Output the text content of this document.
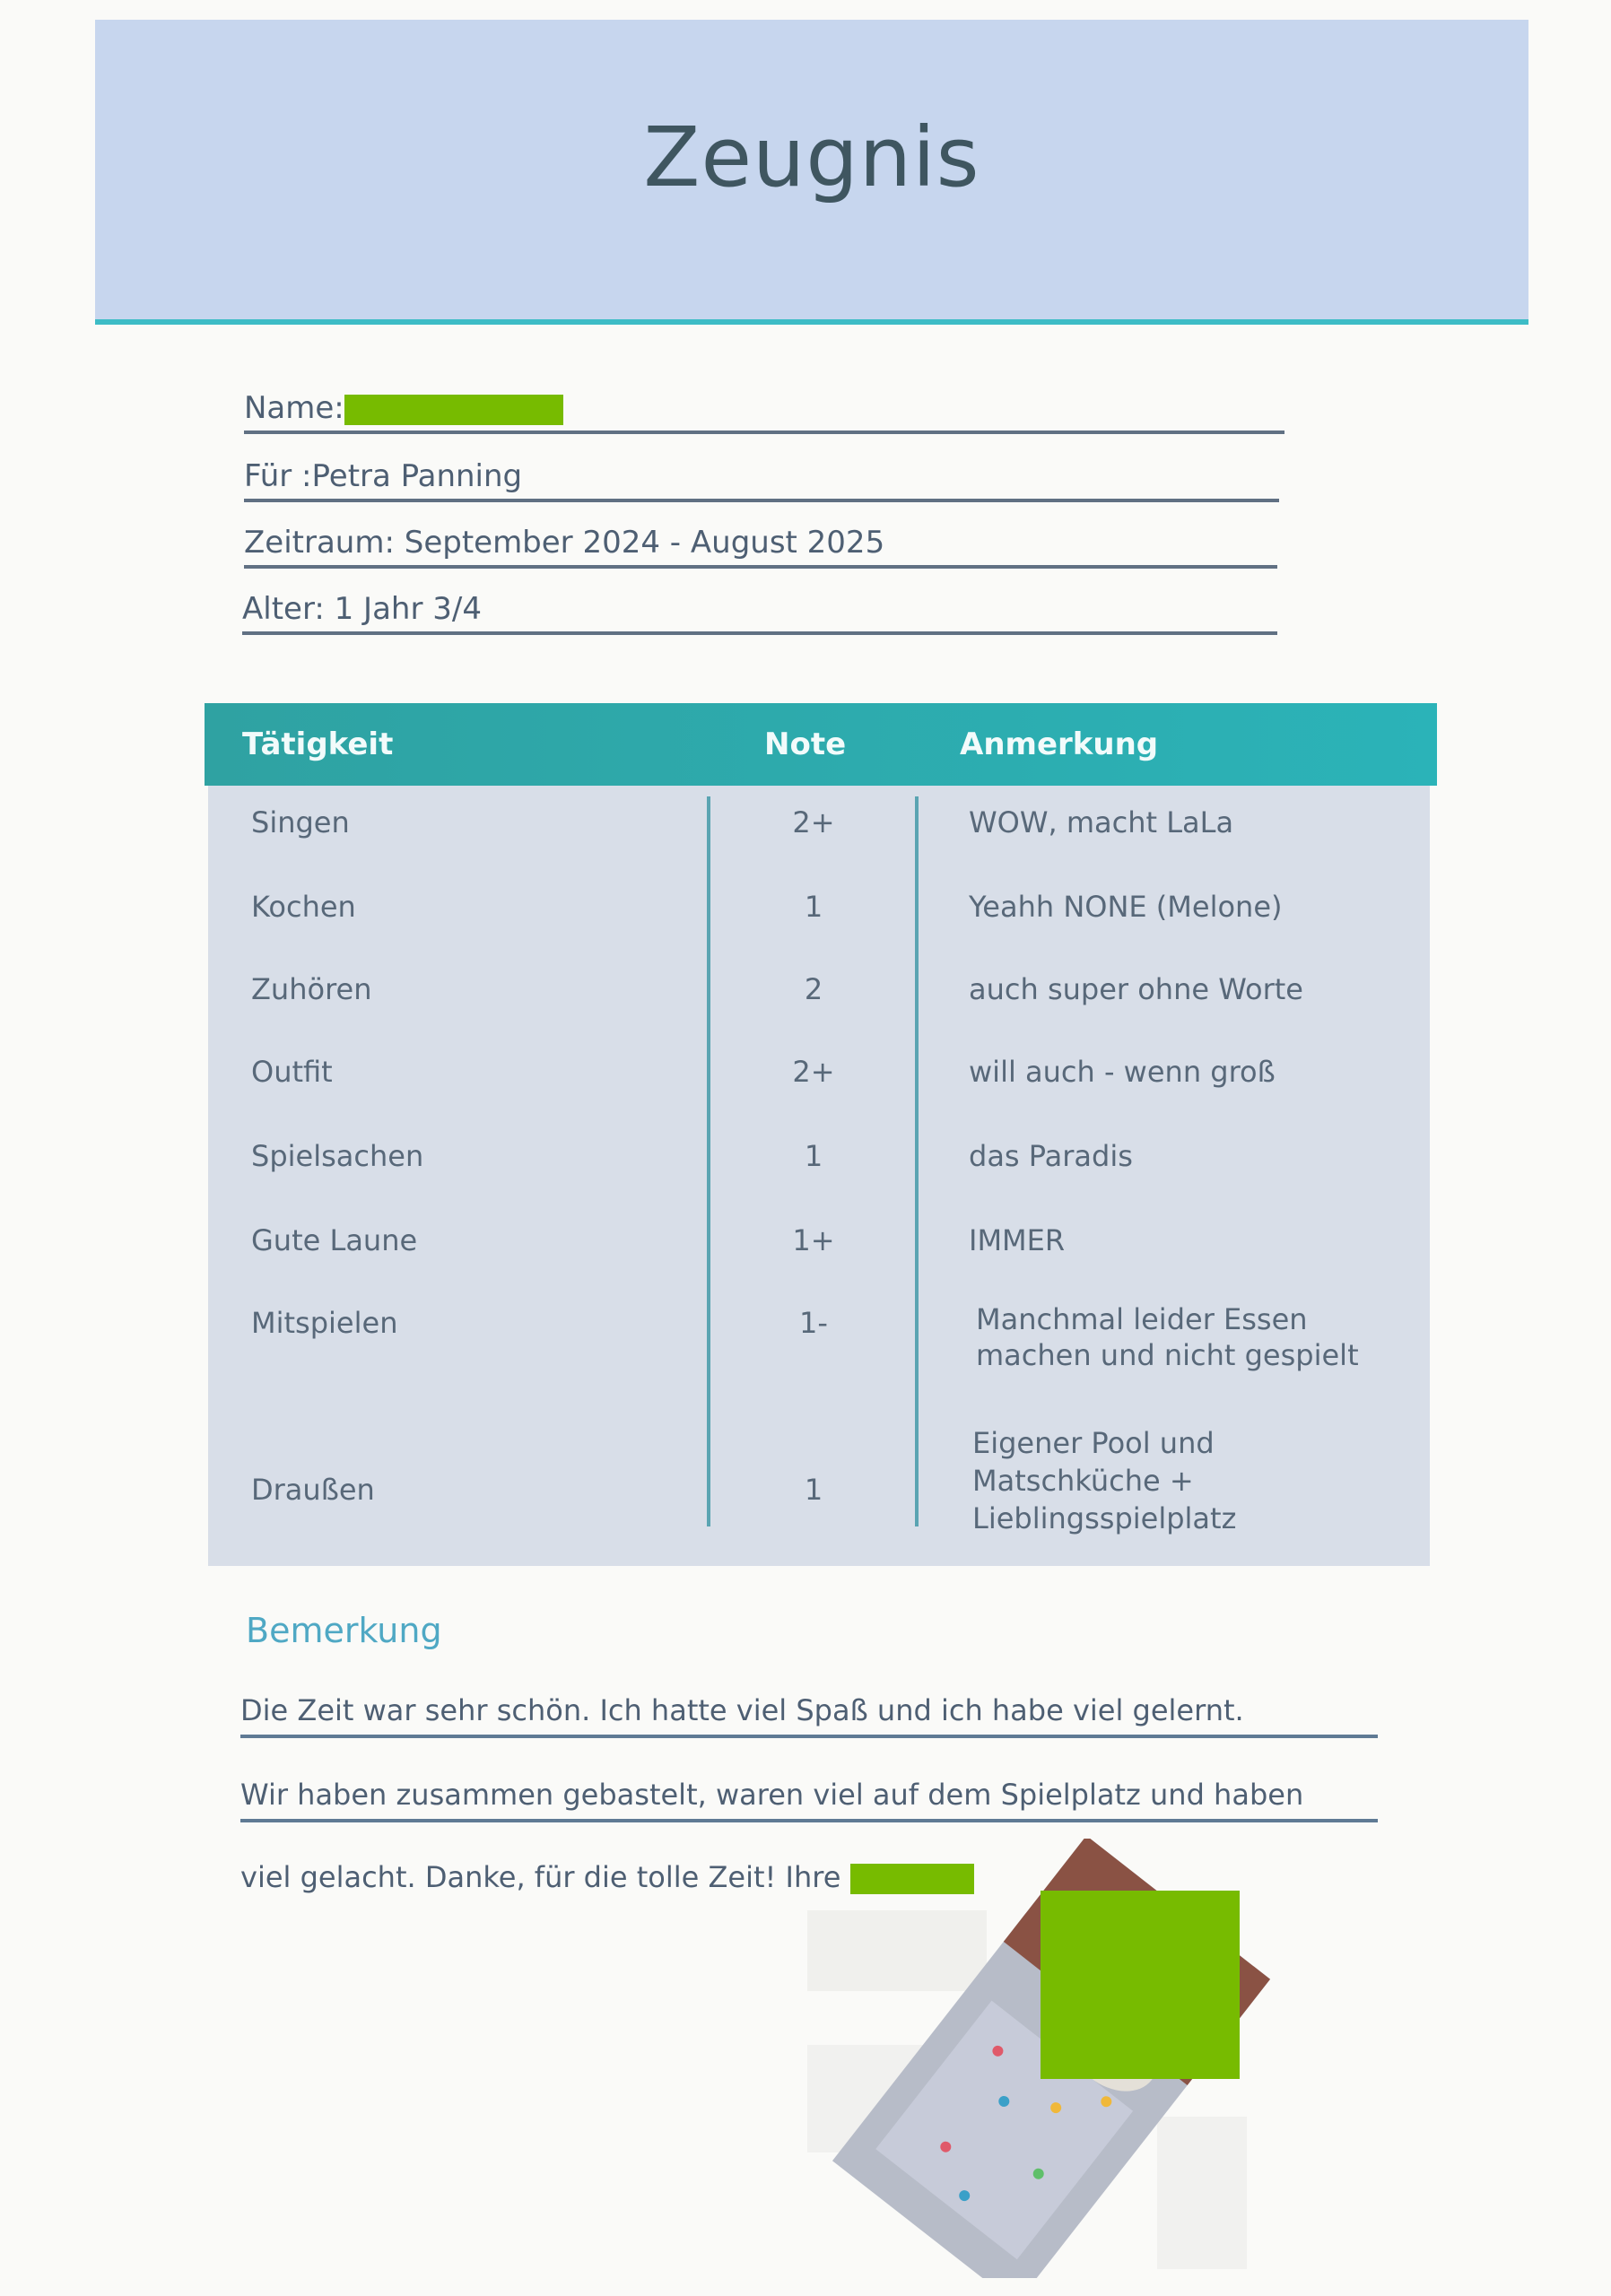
Zeugnis
Name:
Für :Petra Panning
Zeitraum: September 2024 - August 2025
Alter: 1 Jahr 3/4
Tätigkeit	Note	Anmerkung
Singen	2+	WOW, macht LaLa
Kochen	1	Yeahh NONE (Melone)
Zuhören	2	auch super ohne Worte
Outfit	2+	will auch - wenn groß
Spielsachen	1	das Paradis
Gute Laune	1+	IMMER
Mitspielen	1-	Manchmal leider Essen
machen und nicht gespielt
Draußen	1
Eigener Pool und
Matschküche +
Lieblingsspielplatz
Bemerkung
Die Zeit war sehr schön. Ich hatte viel Spaß und ich habe viel gelernt.
Wir haben zusammen gebastelt, waren viel auf dem Spielplatz und haben
viel gelacht. Danke, für die tolle Zeit! Ihre
